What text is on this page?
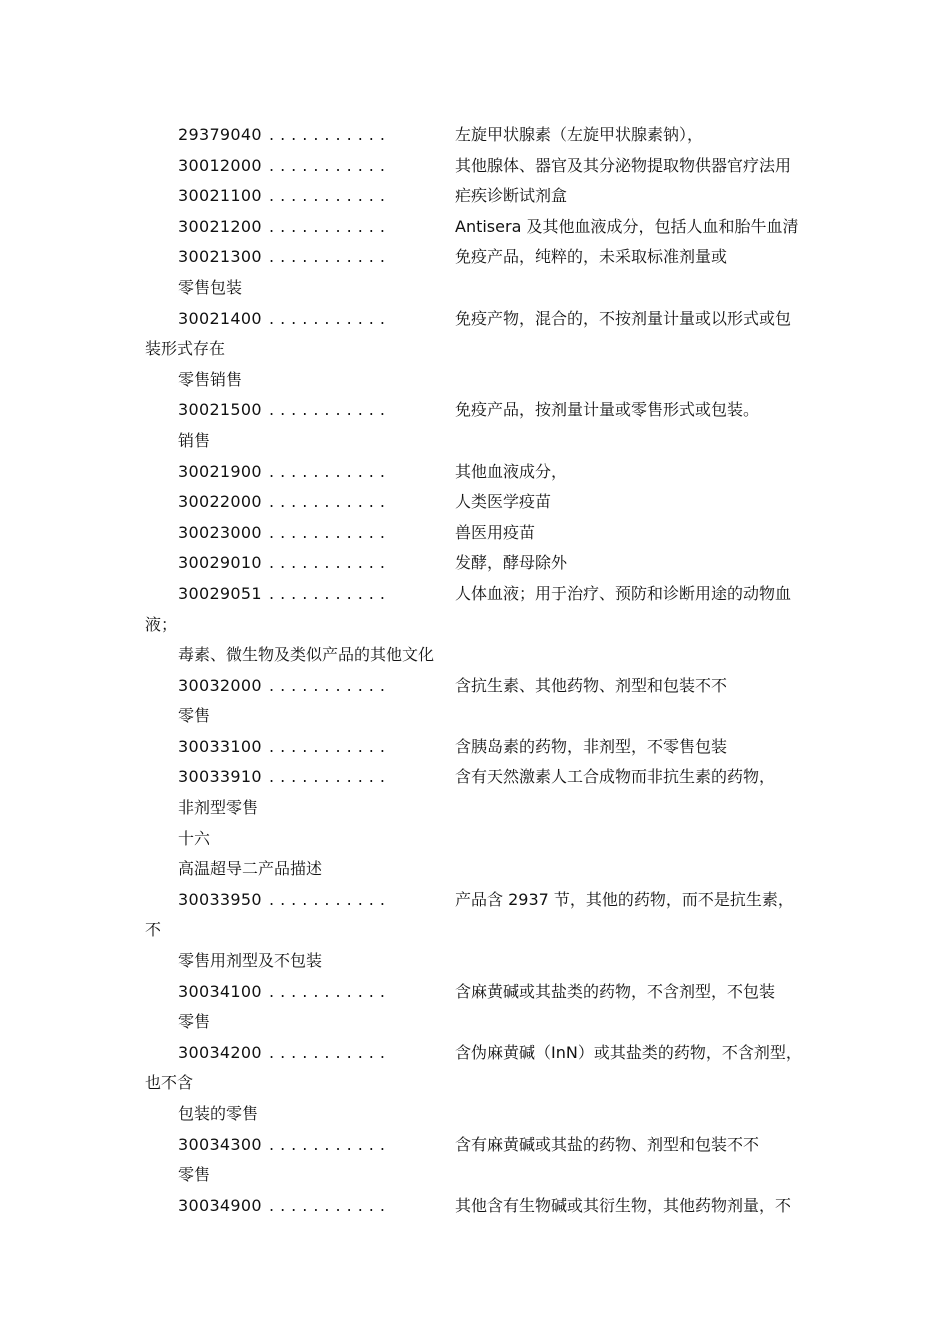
29379040 ...........	左旋甲状腺素（左旋甲状腺素钠），
30012000 ...........	其他腺体、器官及其分泌物提取物供器官疗法用
30021100 ...........	疟疾诊断试剂盒
30021200 ...........	Antisera 及其他血液成分，包括人血和胎牛血清
30021300 ...........	免疫产品，纯粹的，未采取标准剂量或
零售包装
30021400 ...........	免疫产物，混合的，不按剂量计量或以形式或包
装形式存在
零售销售
30021500 ...........	免疫产品，按剂量计量或零售形式或包装。
销售
30021900 ...........	其他血液成分，
30022000 ...........	人类医学疫苗
30023000 ...........	兽医用疫苗
30029010 ...........	发酵，酵母除外
30029051 ...........	人体血液；用于治疗、预防和诊断用途的动物血
液；
毒素、微生物及类似产品的其他文化
30032000 ...........	含抗生素、其他药物、剂型和包装不不
零售
30033100 ...........	含胰岛素的药物，非剂型，不零售包装
30033910 ...........	含有天然激素人工合成物而非抗生素的药物，
非剂型零售
十六
高温超导二产品描述
30033950 ...........	产品含 2937 节，其他的药物，而不是抗生素，
不
零售用剂型及不包装
30034100 ...........	含麻黄碱或其盐类的药物，不含剂型，不包装
零售
30034200 ...........	含伪麻黄碱（InN）或其盐类的药物，不含剂型，
也不含
包装的零售
30034300 ...........	含有麻黄碱或其盐的药物、剂型和包装不不
零售
30034900 ...........	其他含有生物碱或其衍生物，其他药物剂量，不
